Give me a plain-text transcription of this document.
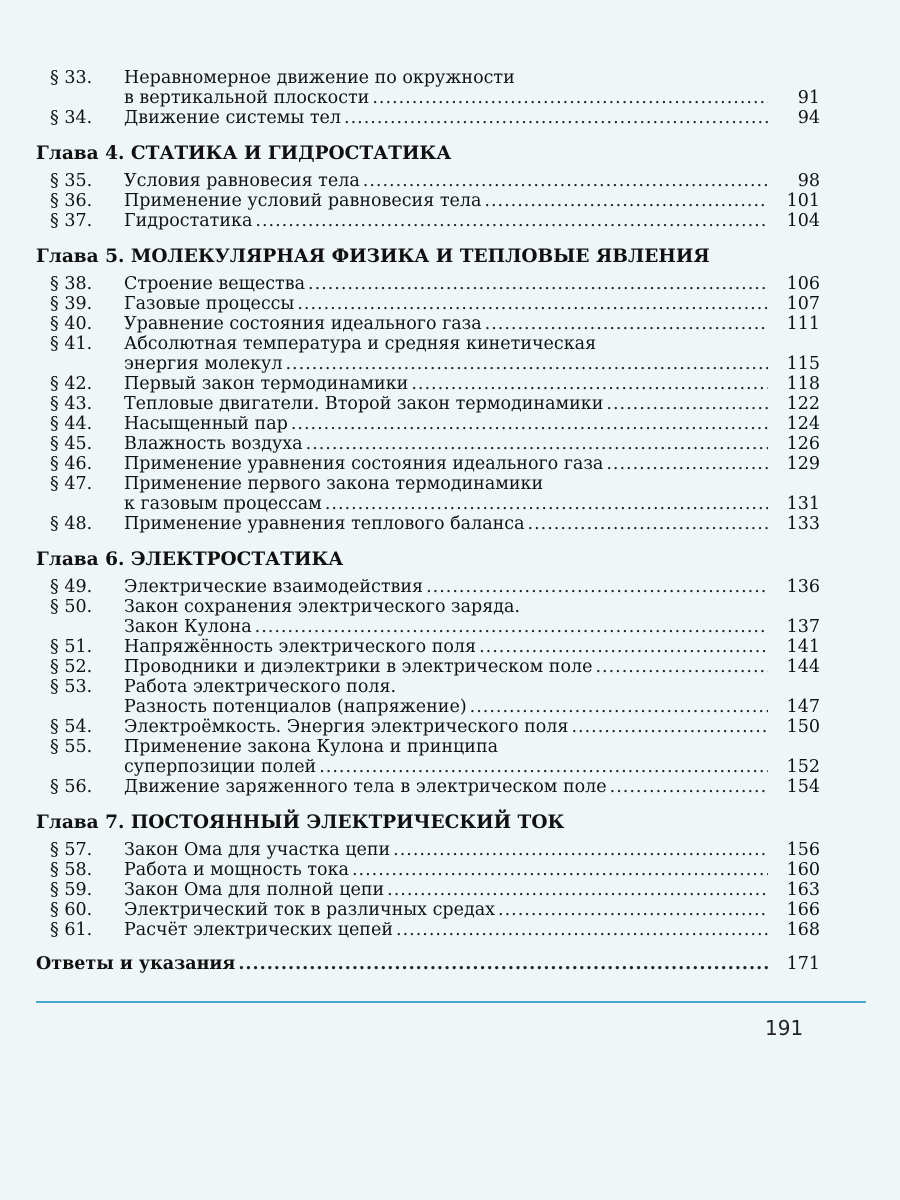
§ 33.	Неравномерное движение по окружности
в вертикальной плоскости .....	91
§ 34.	Движение системы тел .....	94
Глава 4. СТАТИКА И ГИДРОСТАТИКА
§ 35.	Условия равновесия тела .....	98
§ 36.	Применение условий равновесия тела .....	101
§ 37.	Гидростатика .....	104
Глава 5. МОЛЕКУЛЯРНАЯ ФИЗИКА И ТЕПЛОВЫЕ ЯВЛЕНИЯ
§ 38.	Строение вещества .....	106
§ 39.	Газовые процессы .....	107
§ 40.	Уравнение состояния идеального газа .....	111
§ 41.	Абсолютная температура и средняя кинетическая
энергия молекул .....	115
§ 42.	Первый закон термодинамики .....	118
§ 43.	Тепловые двигатели. Второй закон термодинамики .....	122
§ 44.	Насыщенный пар .....	124
§ 45.	Влажность воздуха .....	126
§ 46.	Применение уравнения состояния идеального газа .....	129
§ 47.	Применение первого закона термодинамики
к газовым процессам .....	131
§ 48.	Применение уравнения теплового баланса .....	133
Глава 6. ЭЛЕКТРОСТАТИКА
§ 49.	Электрические взаимодействия .....	136
§ 50.	Закон сохранения электрического заряда.
Закон Кулона .....	137
§ 51.	Напряжённость электрического поля .....	141
§ 52.	Проводники и диэлектрики в электрическом поле .....	144
§ 53.	Работа электрического поля.
Разность потенциалов (напряжение) .....	147
§ 54.	Электроёмкость. Энергия электрического поля .....	150
§ 55.	Применение закона Кулона и принципа
суперпозиции полей .....	152
§ 56.	Движение заряженного тела в электрическом поле .....	154
Глава 7. ПОСТОЯННЫЙ ЭЛЕКТРИЧЕСКИЙ ТОК
§ 57.	Закон Ома для участка цепи .....	156
§ 58.	Работа и мощность тока .....	160
§ 59.	Закон Ома для полной цепи .....	163
§ 60.	Электрический ток в различных средах .....	166
§ 61.	Расчёт электрических цепей .....	168
Ответы и указания .....	171
191
